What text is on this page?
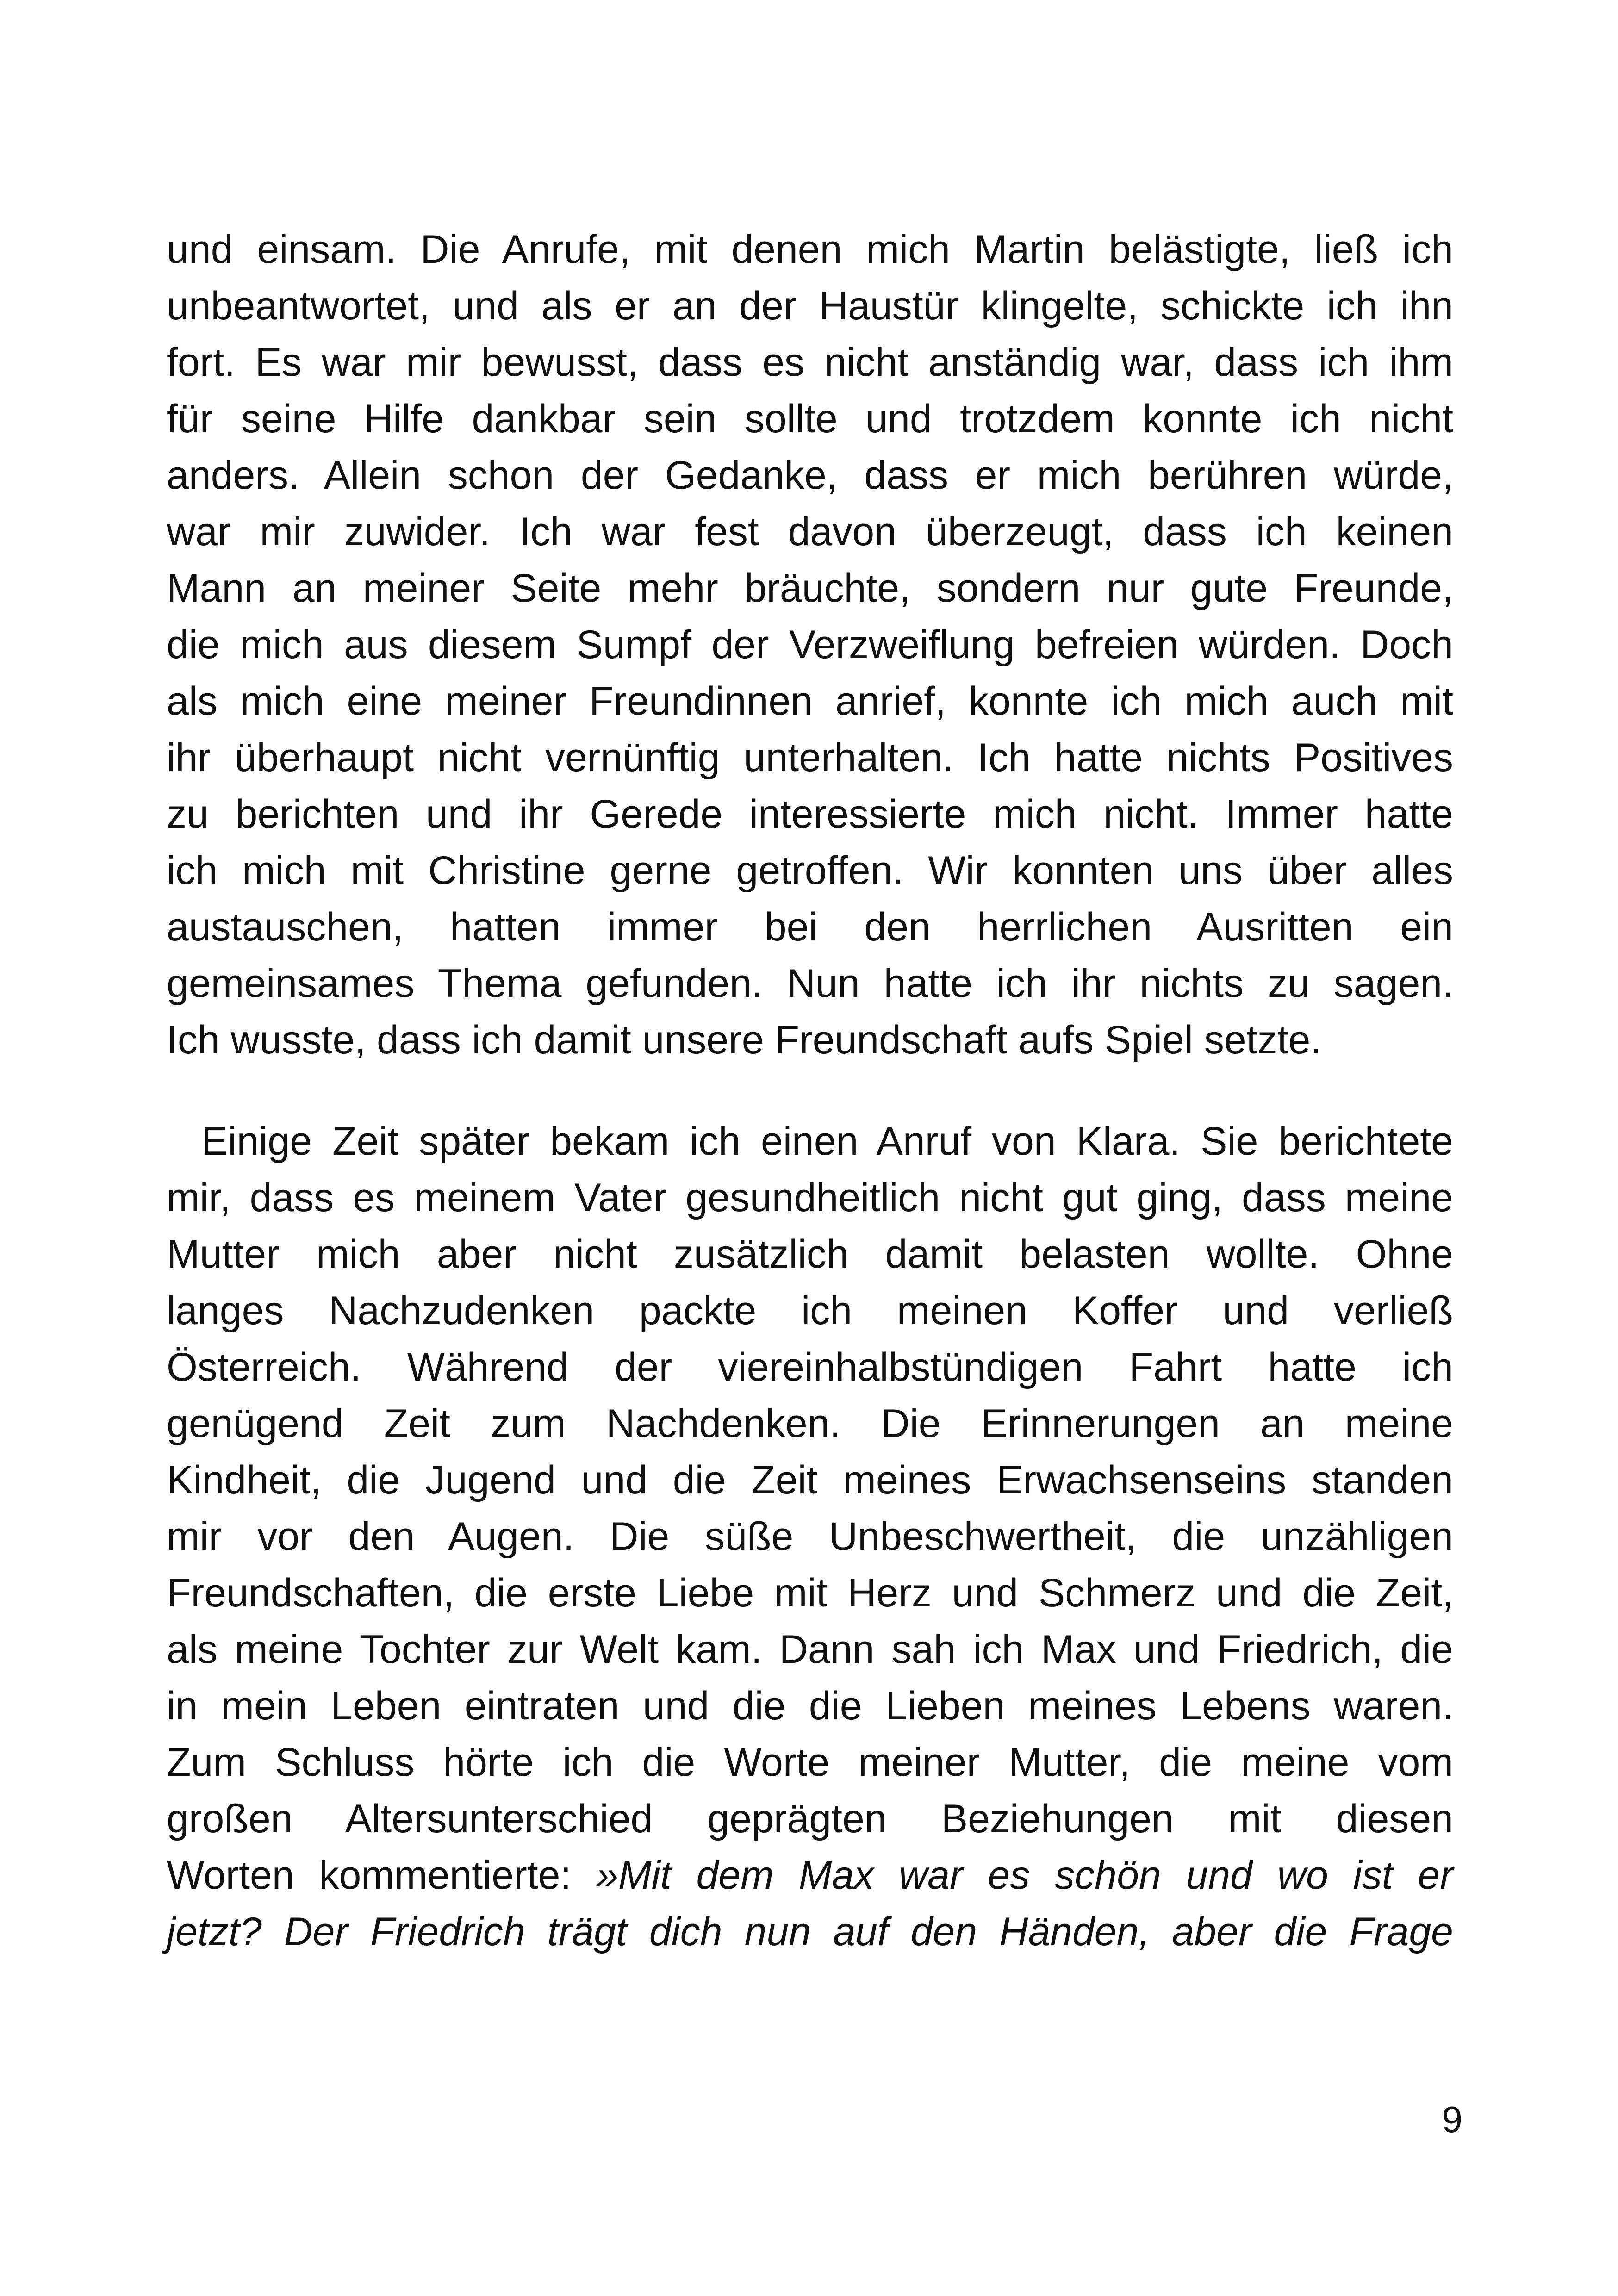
und einsam. Die Anrufe, mit denen mich Martin belästigte, ließ ich
unbeantwortet, und als er an der Haustür klingelte, schickte ich ihn
fort. Es war mir bewusst, dass es nicht anständig war, dass ich ihm
für seine Hilfe dankbar sein sollte und trotzdem konnte ich nicht
anders. Allein schon der Gedanke, dass er mich berühren würde,
war mir zuwider. Ich war fest davon überzeugt, dass ich keinen
Mann an meiner Seite mehr bräuchte, sondern nur gute Freunde,
die mich aus diesem Sumpf der Verzweiflung befreien würden. Doch
als mich eine meiner Freundinnen anrief, konnte ich mich auch mit
ihr überhaupt nicht vernünftig unterhalten. Ich hatte nichts Positives
zu berichten und ihr Gerede interessierte mich nicht. Immer hatte
ich mich mit Christine gerne getroffen. Wir konnten uns über alles
austauschen, hatten immer bei den herrlichen Ausritten ein
gemeinsames Thema gefunden. Nun hatte ich ihr nichts zu sagen.
Ich wusste, dass ich damit unsere Freundschaft aufs Spiel setzte.
Einige Zeit später bekam ich einen Anruf von Klara. Sie berichtete
mir, dass es meinem Vater gesundheitlich nicht gut ging, dass meine
Mutter mich aber nicht zusätzlich damit belasten wollte. Ohne
langes Nachzudenken packte ich meinen Koffer und verließ
Österreich. Während der viereinhalbstündigen Fahrt hatte ich
genügend Zeit zum Nachdenken. Die Erinnerungen an meine
Kindheit, die Jugend und die Zeit meines Erwachsenseins standen
mir vor den Augen. Die süße Unbeschwertheit, die unzähligen
Freundschaften, die erste Liebe mit Herz und Schmerz und die Zeit,
als meine Tochter zur Welt kam. Dann sah ich Max und Friedrich, die
in mein Leben eintraten und die die Lieben meines Lebens waren.
Zum Schluss hörte ich die Worte meiner Mutter, die meine vom
großen Altersunterschied geprägten Beziehungen mit diesen
Worten kommentierte: »Mit dem Max war es schön und wo ist er
jetzt? Der Friedrich trägt dich nun auf den Händen, aber die Frage
9
